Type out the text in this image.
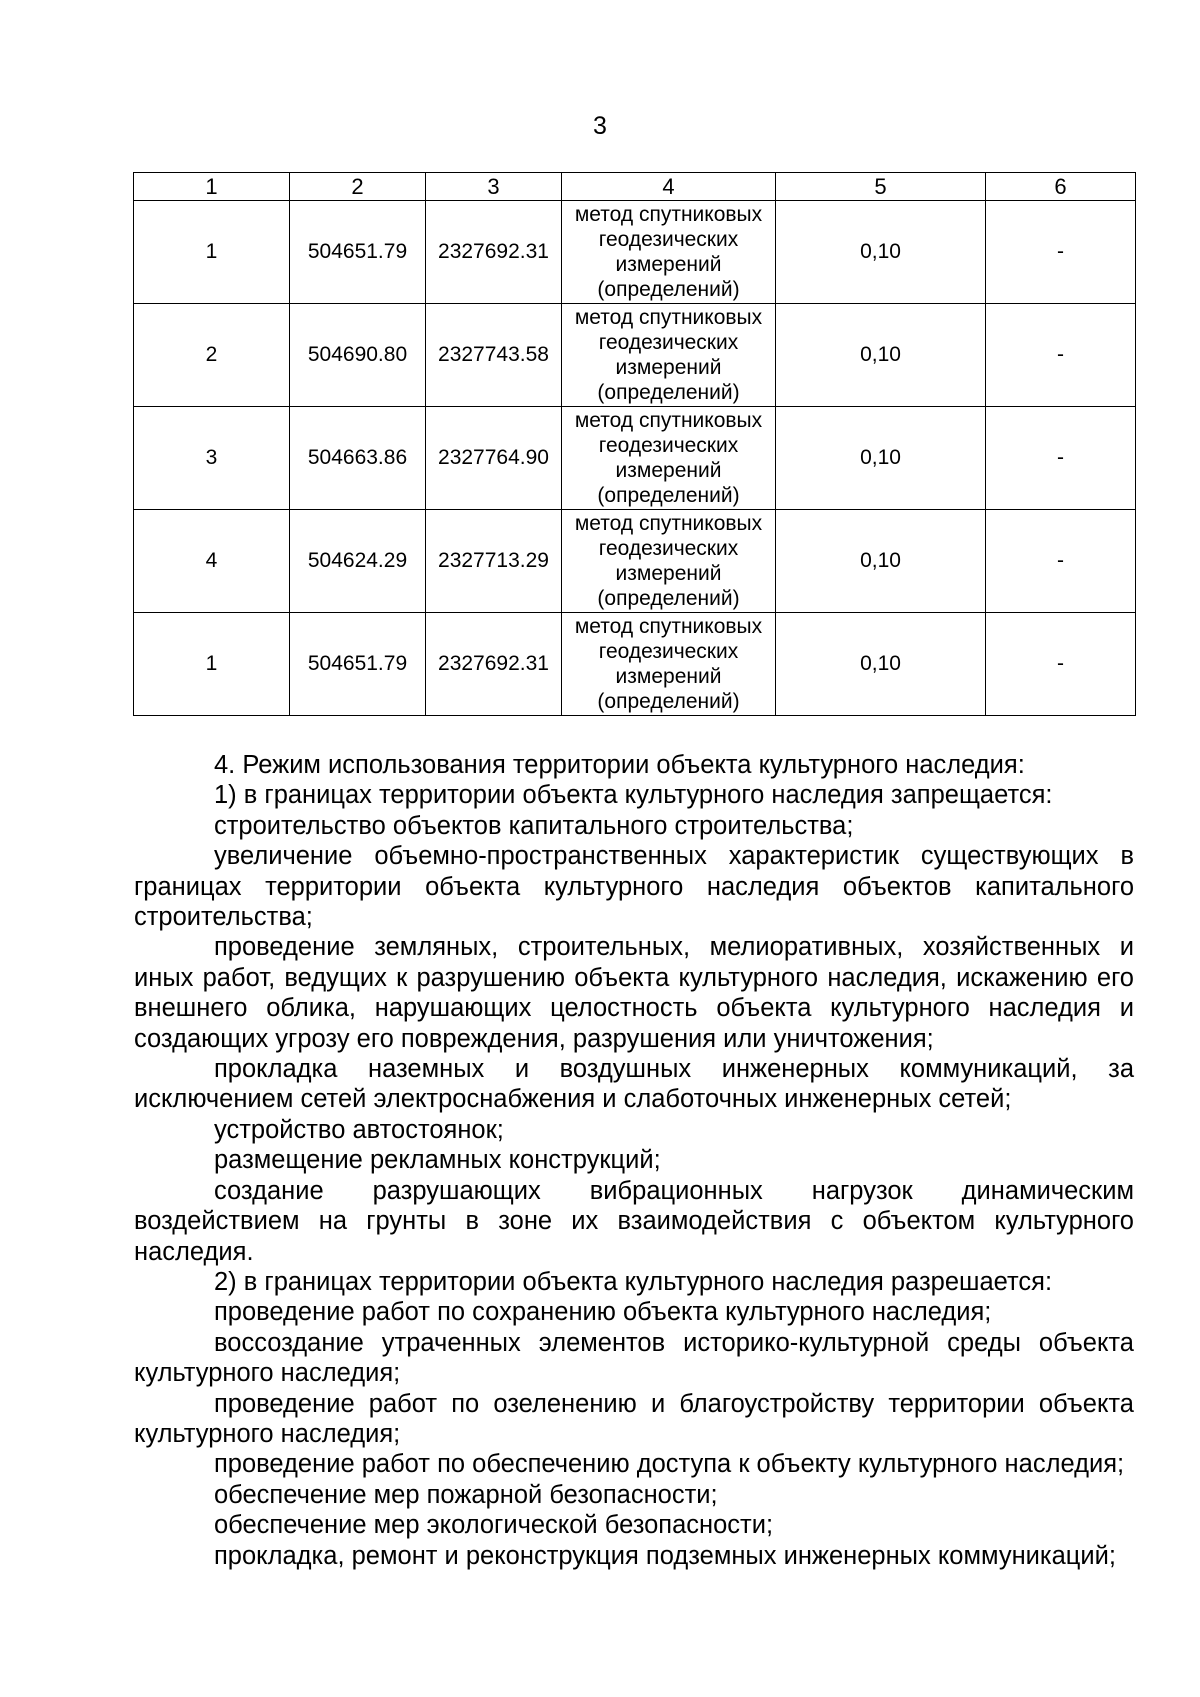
3
1	2	3	4	5	6
1	504651.79	2327692.31	метод спутниковых геодезических измерений (определений)	0,10	-
2	504690.80	2327743.58	метод спутниковых геодезических измерений (определений)	0,10	-
3	504663.86	2327764.90	метод спутниковых геодезических измерений (определений)	0,10	-
4	504624.29	2327713.29	метод спутниковых геодезических измерений (определений)	0,10	-
1	504651.79	2327692.31	метод спутниковых геодезических измерений (определений)	0,10	-

4. Режим использования территории объекта культурного наследия:

1) в границах территории объекта культурного наследия запрещается:

строительство объектов капитального строительства;

увеличение объемно-пространственных характеристик существующих в границах территории объекта культурного наследия объектов капитального строительства;

проведение земляных, строительных, мелиоративных, хозяйственных и иных работ, ведущих к разрушению объекта культурного наследия, искажению его внешнего облика, нарушающих целостность объекта культурного наследия и создающих угрозу его повреждения, разрушения или уничтожения;

прокладка наземных и воздушных инженерных коммуникаций, за исключением сетей электроснабжения и слаботочных инженерных сетей;

устройство автостоянок;

размещение рекламных конструкций;

создание разрушающих вибрационных нагрузок динамическим воздействием на грунты в зоне их взаимодействия с объектом культурного наследия.

2) в границах территории объекта культурного наследия разрешается:

проведение работ по сохранению объекта культурного наследия;

воссоздание утраченных элементов историко-культурной среды объекта культурного наследия;

проведение работ по озеленению и благоустройству территории объекта культурного наследия;

проведение работ по обеспечению доступа к объекту культурного наследия;

обеспечение мер пожарной безопасности;

обеспечение мер экологической безопасности;

прокладка, ремонт и реконструкция подземных инженерных коммуникаций;
